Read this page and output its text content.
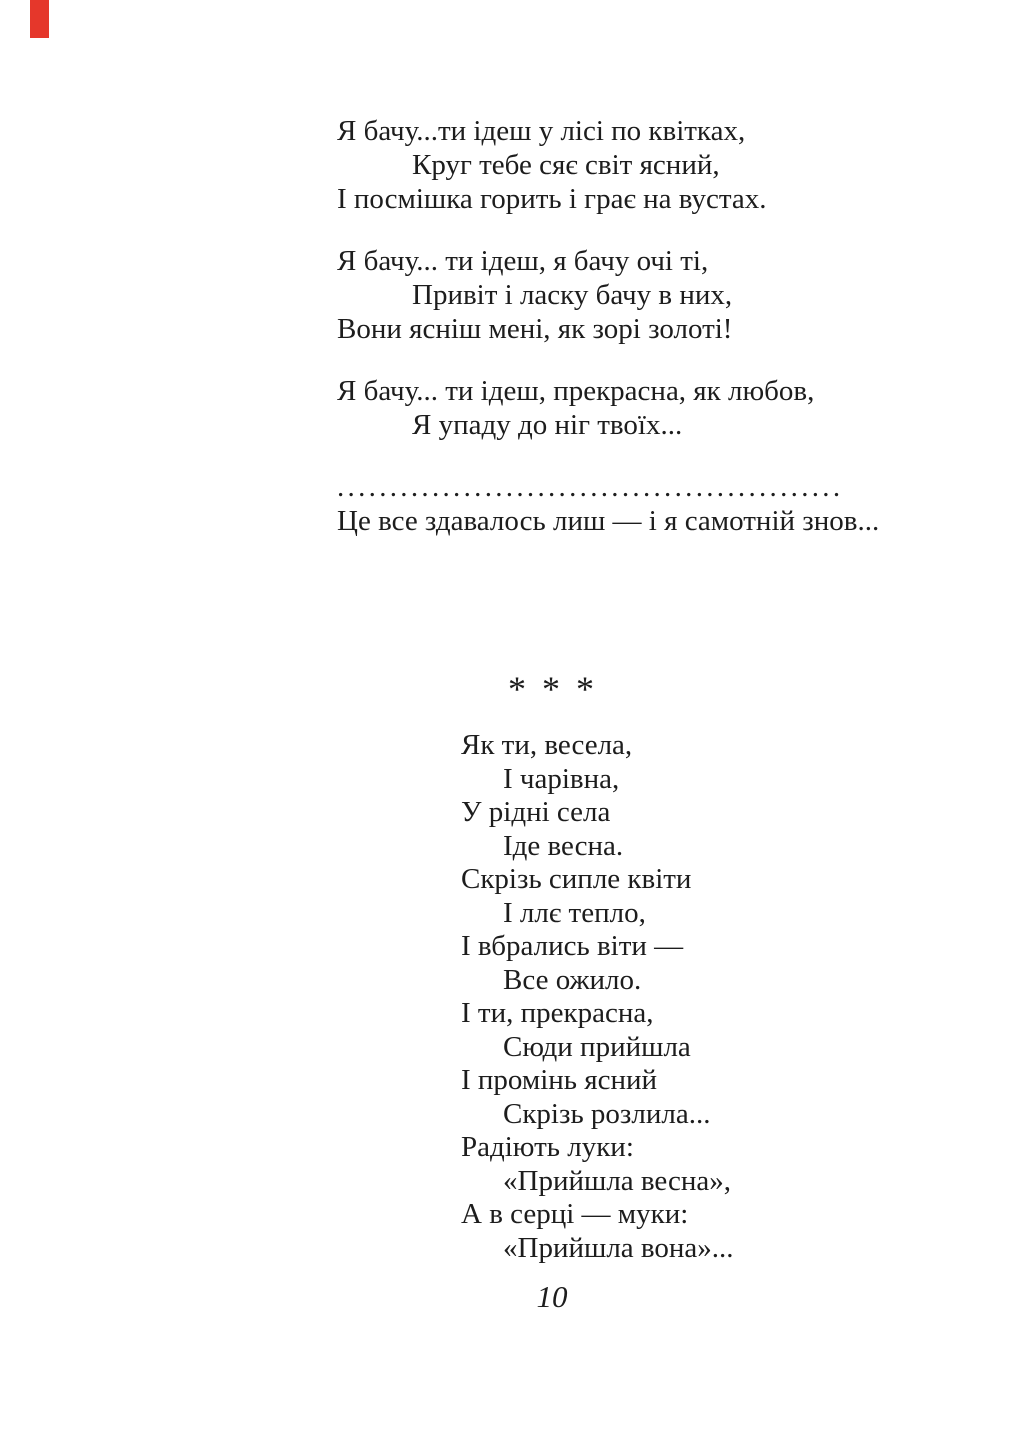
Я бачу...ти ідеш у лісі по квітках,
Круг тебе сяє світ ясний,
І посмішка горить і грає на вустах.
Я бачу... ти ідеш, я бачу очі ті,
Привіт і ласку бачу в них,
Вони ясніш мені, як зорі золоті!
Я бачу... ти ідеш, прекрасна, як любов,
Я упаду до ніг твоїх...
................................................
Це все здавалось лиш — і я самотній знов...
* * *
Як ти, весела,
І чарівна,
У рідні села
Іде весна.
Скрізь сипле квіти
І ллє тепло,
І вбрались віти —
Все ожило.
І ти, прекрасна,
Сюди прийшла
І промінь ясний
Скрізь розлила...
Радіють луки:
«Прийшла весна»,
А в серці — муки:
«Прийшла вона»...
10
